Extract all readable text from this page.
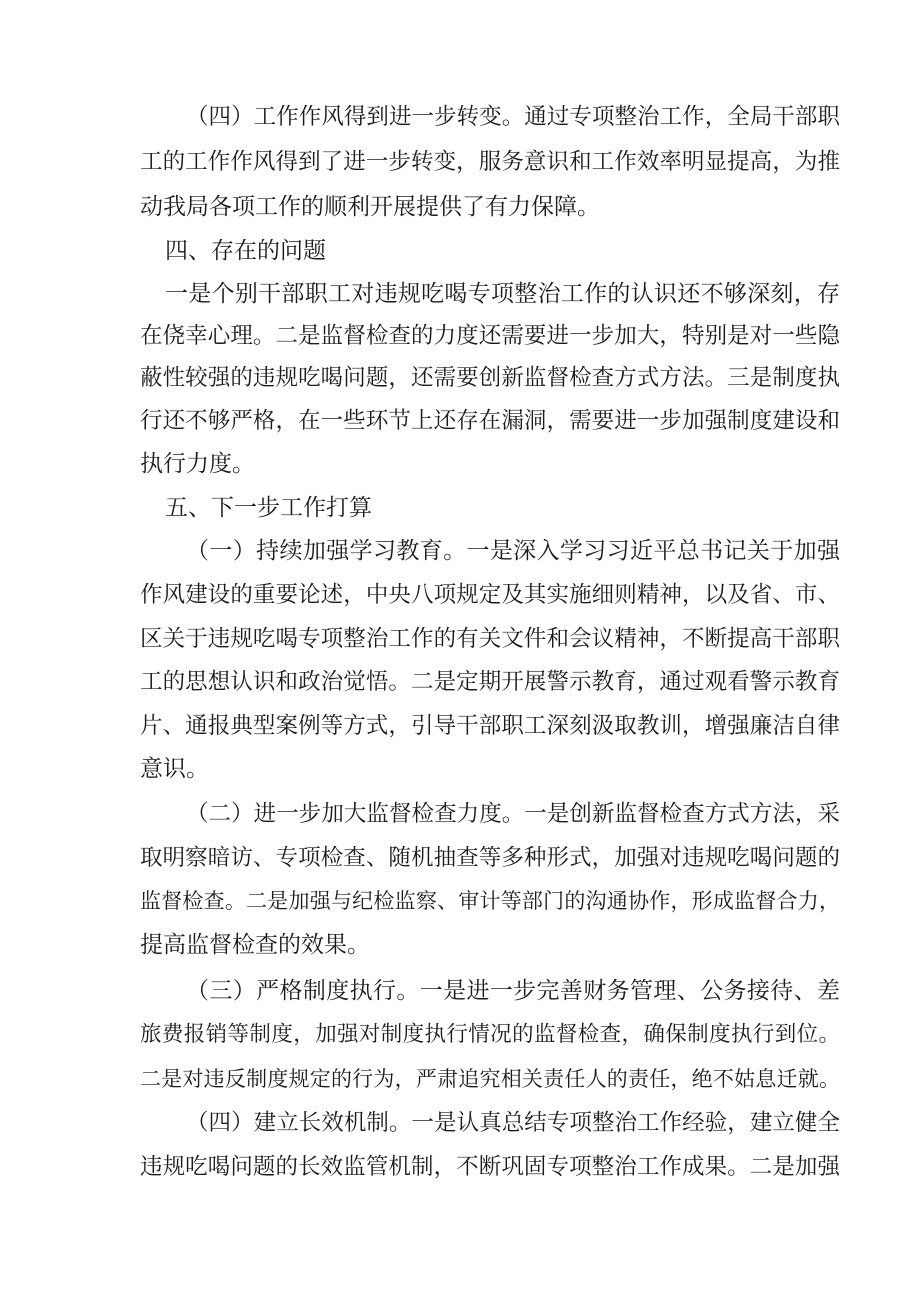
（四）工作作风得到进一步转变。通过专项整治工作，全局干部职
工的工作作风得到了进一步转变，服务意识和工作效率明显提高，为推
动我局各项工作的顺利开展提供了有力保障。
四、存在的问题
一是个别干部职工对违规吃喝专项整治工作的认识还不够深刻，存
在侥幸心理。二是监督检查的力度还需要进一步加大，特别是对一些隐
蔽性较强的违规吃喝问题，还需要创新监督检查方式方法。三是制度执
行还不够严格，在一些环节上还存在漏洞，需要进一步加强制度建设和
执行力度。
五、下一步工作打算
（一）持续加强学习教育。一是深入学习习近平总书记关于加强
作风建设的重要论述，中央八项规定及其实施细则精神，以及省、市、
区关于违规吃喝专项整治工作的有关文件和会议精神，不断提高干部职
工的思想认识和政治觉悟。二是定期开展警示教育，通过观看警示教育
片、通报典型案例等方式，引导干部职工深刻汲取教训，增强廉洁自律
意识。
（二）进一步加大监督检查力度。一是创新监督检查方式方法，采
取明察暗访、专项检查、随机抽查等多种形式，加强对违规吃喝问题的
监督检查。二是加强与纪检监察、审计等部门的沟通协作，形成监督合力，
提高监督检查的效果。
（三）严格制度执行。一是进一步完善财务管理、公务接待、差
旅费报销等制度，加强对制度执行情况的监督检查，确保制度执行到位。
二是对违反制度规定的行为，严肃追究相关责任人的责任，绝不姑息迁就。
（四）建立长效机制。一是认真总结专项整治工作经验，建立健全
违规吃喝问题的长效监管机制，不断巩固专项整治工作成果。二是加强
